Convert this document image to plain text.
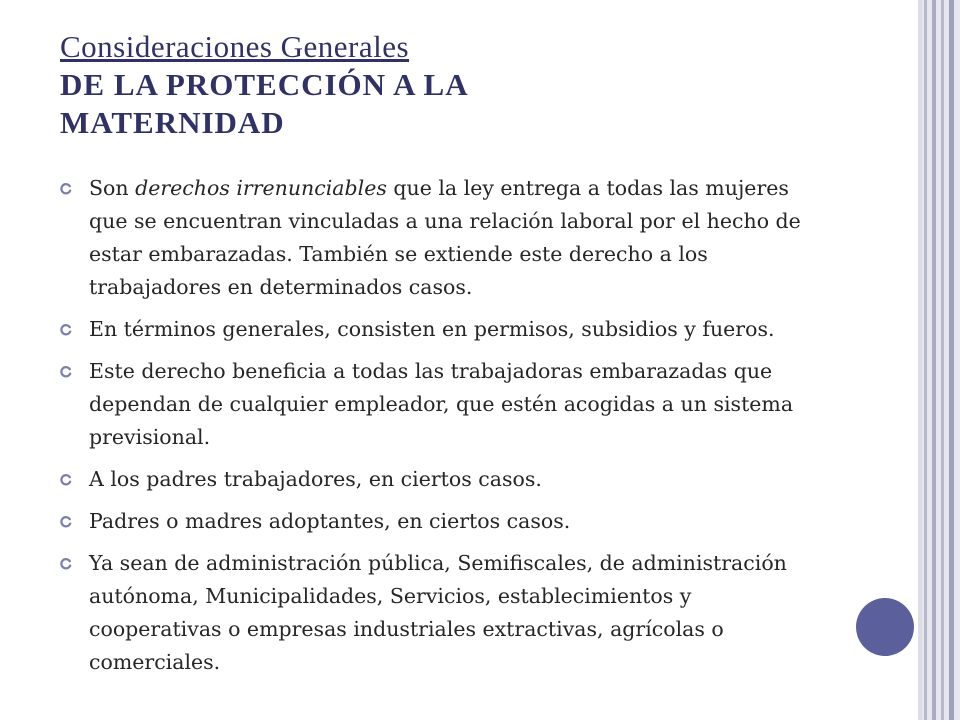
Consideraciones Generales
DE LA PROTECCIÓN A LA
MATERNIDAD
Son derechos irrenunciables que la ley entrega a todas las mujeres que se encuentran vinculadas a una relación laboral por el hecho de estar embarazadas. También se extiende este derecho a los trabajadores en determinados casos.
En términos generales, consisten en permisos, subsidios y fueros.
Este derecho beneficia a todas las trabajadoras embarazadas que dependan de cualquier empleador, que estén acogidas a un sistema previsional.
A los padres trabajadores, en ciertos casos.
Padres o madres adoptantes, en ciertos casos.
Ya sean de administración pública, Semifiscales, de administración autónoma, Municipalidades, Servicios, establecimientos y cooperativas o empresas industriales extractivas, agrícolas o comerciales.
